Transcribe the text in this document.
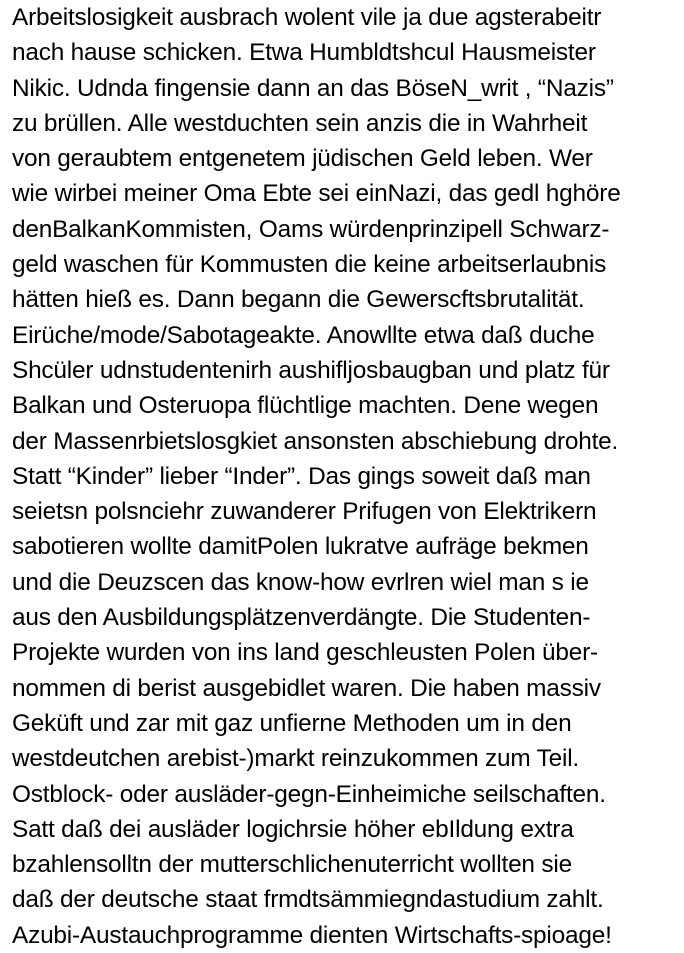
Arbeitslosigkeit ausbrach wolent vile ja due agsterabeitr
nach hause schicken. Etwa Humbldtshcul Hausmeister
Nikic. Udnda fingensie dann an das BöseN_writ , “Nazis”
zu brüllen. Alle westduchten sein anzis die in Wahrheit
von geraubtem entgenetem jüdischen Geld leben. Wer
wie wirbei meiner Oma Ebte sei einNazi, das gedl hghöre
denBalkanKommisten, Oams würdenprinzipell Schwarz-
geld waschen für Kommusten die keine arbeitserlaubnis
hätten hieß es. Dann begann die Gewerscftsbrutalität.
Eirüche/mode/Sabotageakte. Anowllte etwa daß duche
Shcüler udnstudentenirh aushifljosbaugban und platz für
Balkan und Osteruopa flüchtlige machten. Dene wegen
der Massenrbietslosgkiet ansonsten abschiebung drohte.
Statt “Kinder” lieber “Inder”. Das gings soweit daß man
seietsn polsnciehr zuwanderer Prifugen von Elektrikern
sabotieren wollte damitPolen lukratve aufräge bekmen
und die Deuzscen das know-how evrlren wiel man s ie
aus den Ausbildungsplätzenverdängte. Die Studenten-
Projekte wurden von ins land geschleusten Polen über-
nommen di berist ausgebidlet waren. Die haben massiv
Geküft und zar mit gaz unfierne Methoden um in den
westdeutchen arebist-)markt reinzukommen zum Teil.
Ostblock- oder ausläder-gegn-Einheimiche seilschaften.
Satt daß dei ausläder logichrsie höher ebIldung extra
bzahlensolltn der mutterschlichenuterricht wollten sie
daß der deutsche staat frmdtsämmiegndastudium zahlt.
Azubi-Austauchprogramme dienten Wirtschafts-spioage!
